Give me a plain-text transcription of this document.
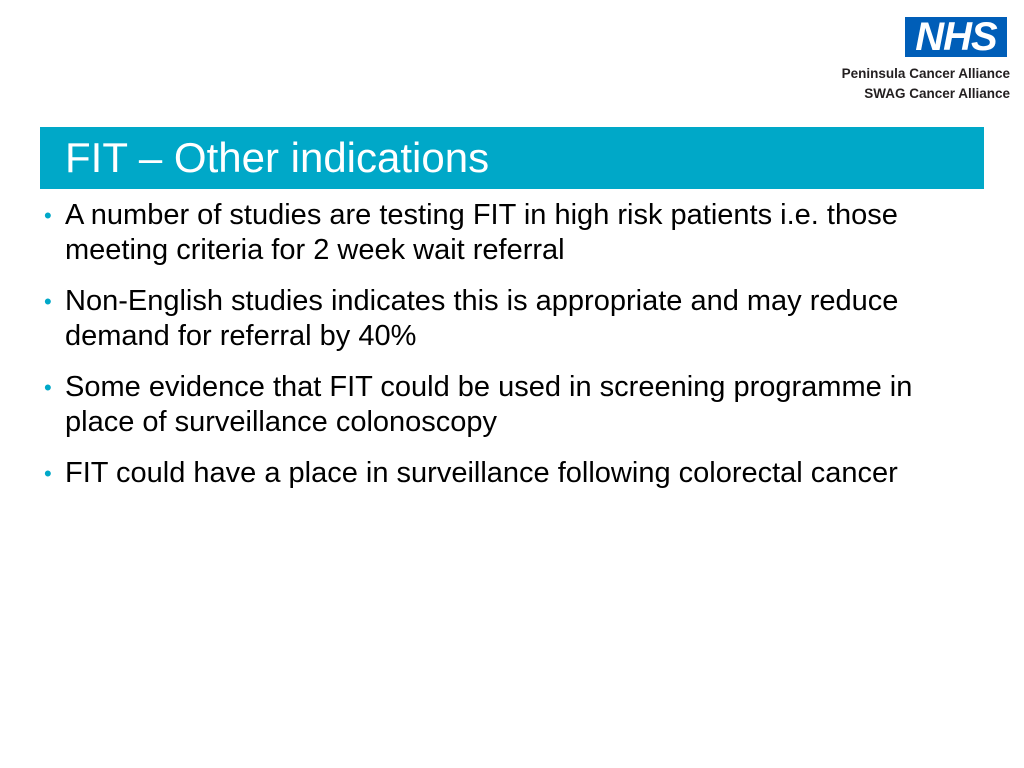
NHS
Peninsula Cancer Alliance
SWAG Cancer Alliance
FIT – Other indications
• A number of studies are testing FIT in high risk patients i.e. those meeting criteria for 2 week wait referral
• Non-English studies indicates this is appropriate and may reduce demand for referral by 40%
• Some evidence that FIT could be used in screening programme in place of surveillance colonoscopy
• FIT could have a place in surveillance following colorectal cancer
